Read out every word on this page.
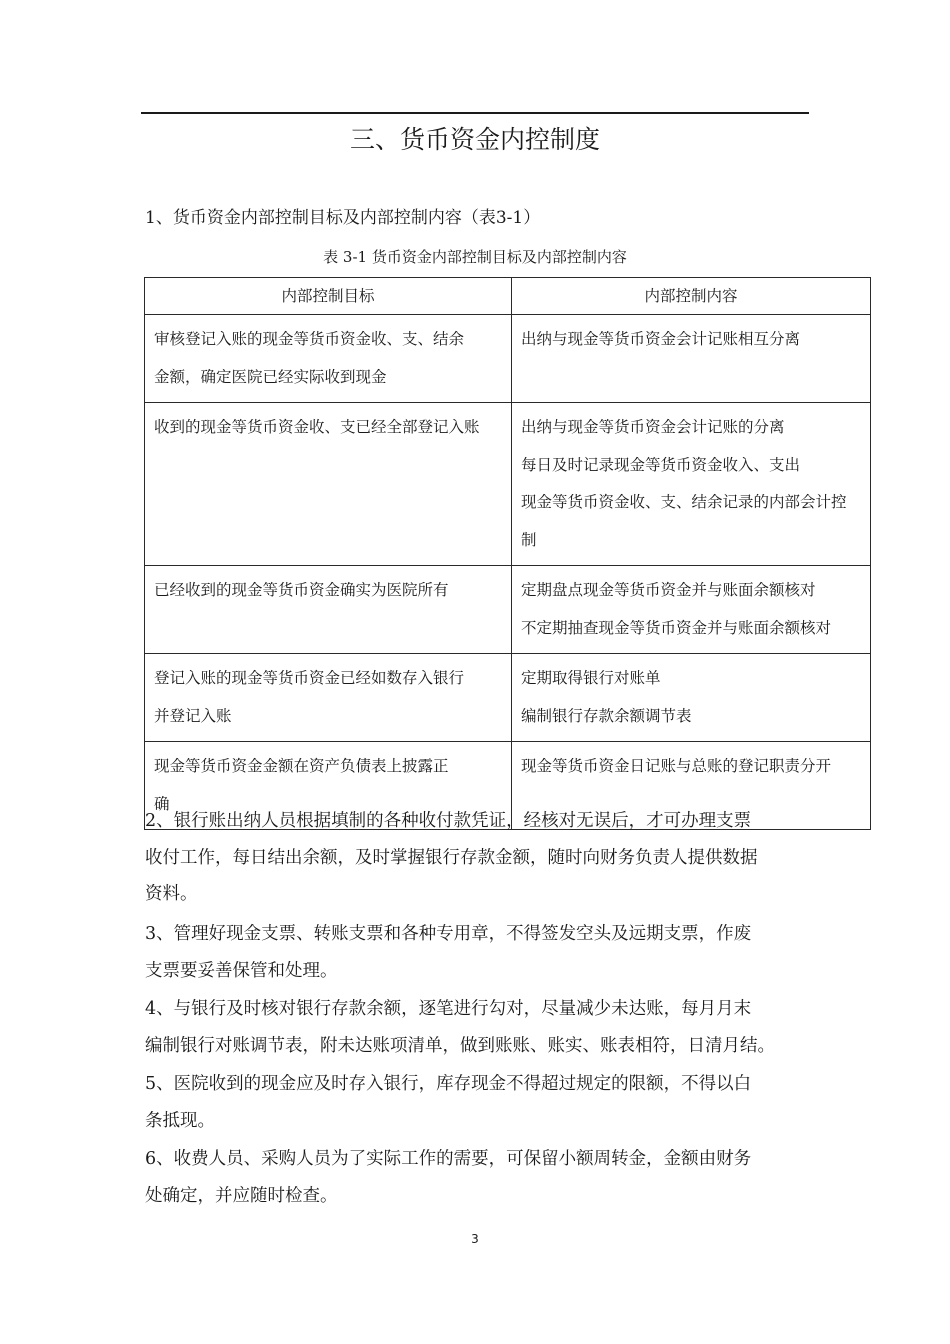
三、货币资金内控制度
1、货币资金内部控制目标及内部控制内容（表3-1）
表 3-1 货币资金内部控制目标及内部控制内容
内部控制目标	内部控制内容

审核登记入账的现金等货币资金收、支、结余
金额，确定医院已经实际收到现金	出纳与现金等货币资金会计记账相互分离

收到的现金等货币资金收、支已经全部登记入账	出纳与现金等货币资金会计记账的分离
每日及时记录现金等货币资金收入、支出
现金等货币资金收、支、结余记录的内部会计控
制

已经收到的现金等货币资金确实为医院所有	定期盘点现金等货币资金并与账面余额核对
不定期抽查现金等货币资金并与账面余额核对

登记入账的现金等货币资金已经如数存入银行
并登记入账	定期取得银行对账单
编制银行存款余额调节表

现金等货币资金金额在资产负债表上披露正
确	现金等货币资金日记账与总账的登记职责分开
2、银行账出纳人员根据填制的各种收付款凭证，经核对无误后，才可办理支票
收付工作，每日结出余额，及时掌握银行存款金额，随时向财务负责人提供数据
资料。
3、管理好现金支票、转账支票和各种专用章，不得签发空头及远期支票，作废
支票要妥善保管和处理。
4、与银行及时核对银行存款余额，逐笔进行勾对，尽量减少未达账，每月月末
编制银行对账调节表，附未达账项清单，做到账账、账实、账表相符，日清月结。
5、医院收到的现金应及时存入银行，库存现金不得超过规定的限额，不得以白
条抵现。
6、收费人员、采购人员为了实际工作的需要，可保留小额周转金，金额由财务
处确定，并应随时检查。
3
